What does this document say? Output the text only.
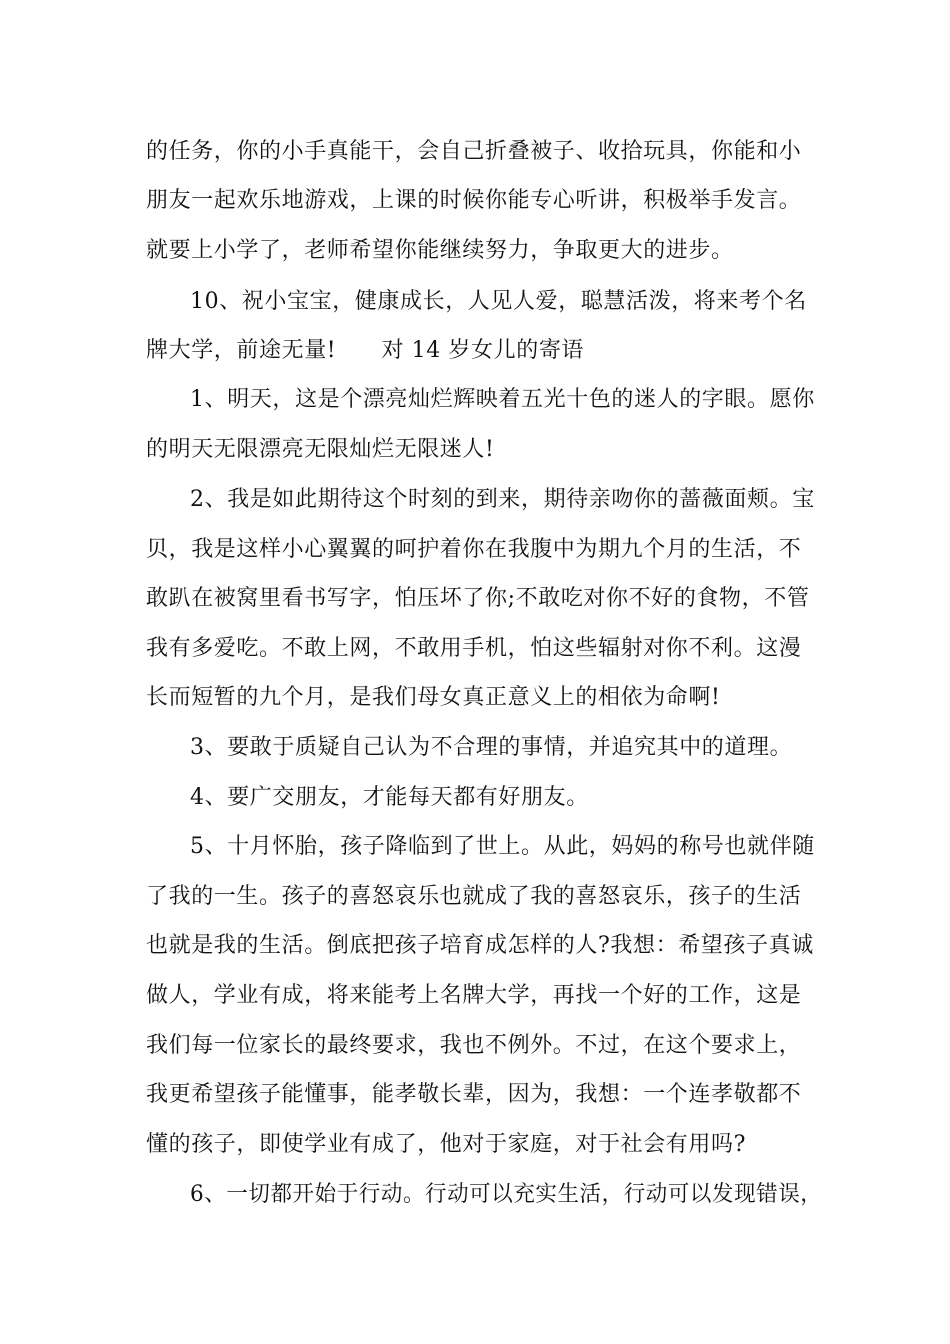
的任务，你的小手真能干，会自己折叠被子、收拾玩具，你能和小
朋友一起欢乐地游戏，上课的时候你能专心听讲，积极举手发言。
就要上小学了，老师希望你能继续努力，争取更大的进步。
10、祝小宝宝，健康成长，人见人爱，聪慧活泼，将来考个名
牌大学，前途无量!　　对 14 岁女儿的寄语
1、明天，这是个漂亮灿烂辉映着五光十色的迷人的字眼。愿你
的明天无限漂亮无限灿烂无限迷人!
2、我是如此期待这个时刻的到来，期待亲吻你的蔷薇面颊。宝
贝，我是这样小心翼翼的呵护着你在我腹中为期九个月的生活，不
敢趴在被窝里看书写字，怕压坏了你;不敢吃对你不好的食物，不管
我有多爱吃。不敢上网，不敢用手机，怕这些辐射对你不利。这漫
长而短暂的九个月，是我们母女真正意义上的相依为命啊!
3、要敢于质疑自己认为不合理的事情，并追究其中的道理。
4、要广交朋友，才能每天都有好朋友。
5、十月怀胎，孩子降临到了世上。从此，妈妈的称号也就伴随
了我的一生。孩子的喜怒哀乐也就成了我的喜怒哀乐，孩子的生活
也就是我的生活。倒底把孩子培育成怎样的人?我想：希望孩子真诚
做人，学业有成，将来能考上名牌大学，再找一个好的工作，这是
我们每一位家长的最终要求，我也不例外。不过，在这个要求上，
我更希望孩子能懂事，能孝敬长辈，因为，我想：一个连孝敬都不
懂的孩子，即使学业有成了，他对于家庭，对于社会有用吗?
6、一切都开始于行动。行动可以充实生活，行动可以发现错误，
